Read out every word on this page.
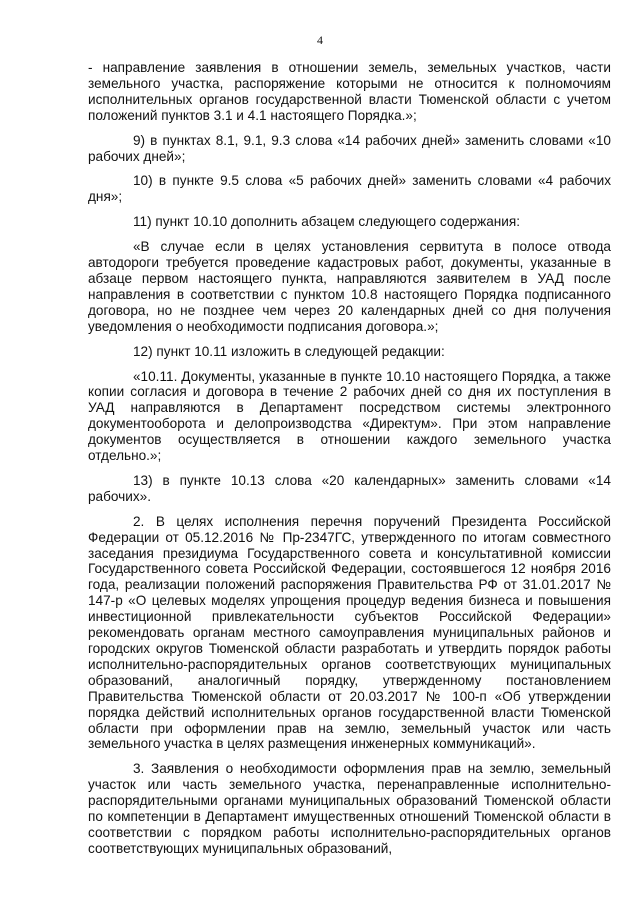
4

- направление заявления в отношении земель, земельных участков, части земельного участка, распоряжение которыми не относится к полномочиям исполнительных органов государственной власти Тюменской области с учетом положений пунктов 3.1 и 4.1 настоящего Порядка.»;

9) в пунктах 8.1, 9.1, 9.3 слова «14 рабочих дней» заменить словами «10 рабочих дней»;

10) в пункте 9.5 слова «5 рабочих дней» заменить словами «4 рабочих дня»;

11) пункт 10.10 дополнить абзацем следующего содержания:

«В случае если в целях установления сервитута в полосе отвода автодороги требуется проведение кадастровых работ, документы, указанные в абзаце первом настоящего пункта, направляются заявителем в УАД после направления в соответствии с пунктом 10.8 настоящего Порядка подписанного договора, но не позднее чем через 20 календарных дней со дня получения уведомления о необходимости подписания договора.»;

12) пункт 10.11 изложить в следующей редакции:

«10.11. Документы, указанные в пункте 10.10 настоящего Порядка, а также копии согласия и договора в течение 2 рабочих дней со дня их поступления в УАД направляются в Департамент посредством системы электронного документооборота и делопроизводства «Директум». При этом направление документов осуществляется в отношении каждого земельного участка отдельно.»;

13) в пункте 10.13 слова «20 календарных» заменить словами «14 рабочих».

2. В целях исполнения перечня поручений Президента Российской Федерации от 05.12.2016 № Пр-2347ГС, утвержденного по итогам совместного заседания президиума Государственного совета и консультативной комиссии Государственного совета Российской Федерации, состоявшегося 12 ноября 2016 года, реализации положений распоряжения Правительства РФ от 31.01.2017 № 147-р «О целевых моделях упрощения процедур ведения бизнеса и повышения инвестиционной привлекательности субъектов Российской Федерации» рекомендовать органам местного самоуправления муниципальных районов и городских округов Тюменской области разработать и утвердить порядок работы исполнительно-распорядительных органов соответствующих муниципальных образований, аналогичный порядку, утвержденному постановлением Правительства Тюменской области от 20.03.2017 № 100-п «Об утверждении порядка действий исполнительных органов государственной власти Тюменской области при оформлении прав на землю, земельный участок или часть земельного участка в целях размещения инженерных коммуникаций».

3. Заявления о необходимости оформления прав на землю, земельный участок или часть земельного участка, перенаправленные исполнительно-распорядительными органами муниципальных образований Тюменской области по компетенции в Департамент имущественных отношений Тюменской области в соответствии с порядком работы исполнительно-распорядительных органов соответствующих муниципальных образований,
